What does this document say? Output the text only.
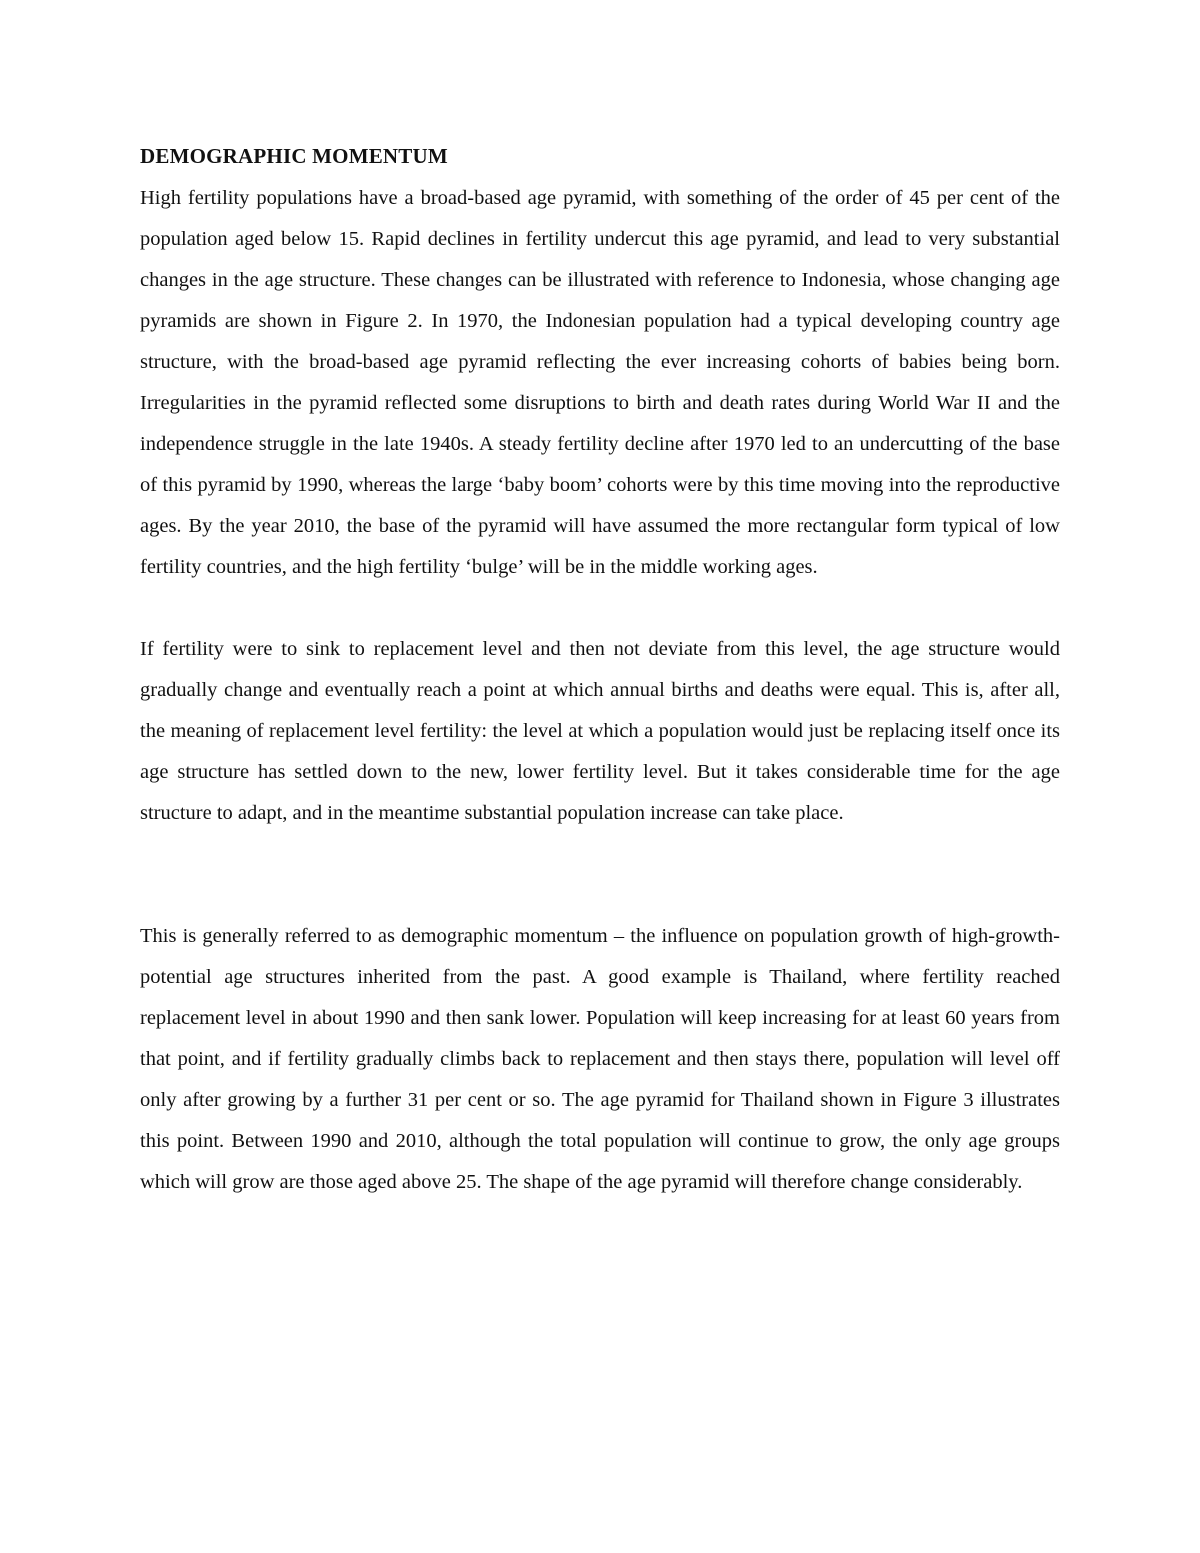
DEMOGRAPHIC MOMENTUM

High fertility populations have a broad-based age pyramid, with something of the order of 45 per cent of the population aged below 15. Rapid declines in fertility undercut this age pyramid, and lead to very substantial changes in the age structure. These changes can be illustrated with reference to Indonesia, whose changing age pyramids are shown in Figure 2. In 1970, the Indonesian population had a typical developing country age structure, with the broad-based age pyramid reflecting the ever increasing cohorts of babies being born. Irregularities in the pyramid reflected some disruptions to birth and death rates during World War II and the independence struggle in the late 1940s. A steady fertility decline after 1970 led to an undercutting of the base of this pyramid by 1990, whereas the large ‘baby boom’ cohorts were by this time moving into the reproductive ages. By the year 2010, the base of the pyramid will have assumed the more rectangular form typical of low fertility countries, and the high fertility ‘bulge’ will be in the middle working ages.

If fertility were to sink to replacement level and then not deviate from this level, the age structure would gradually change and eventually reach a point at which annual births and deaths were equal. This is, after all, the meaning of replacement level fertility: the level at which a population would just be replacing itself once its age structure has settled down to the new, lower fertility level. But it takes considerable time for the age structure to adapt, and in the meantime substantial population increase can take place.

This is generally referred to as demographic momentum – the influence on population growth of high-growth-potential age structures inherited from the past. A good example is Thailand, where fertility reached replacement level in about 1990 and then sank lower. Population will keep increasing for at least 60 years from that point, and if fertility gradually climbs back to replacement and then stays there, population will level off only after growing by a further 31 per cent or so. The age pyramid for Thailand shown in Figure 3 illustrates this point. Between 1990 and 2010, although the total population will continue to grow, the only age groups which will grow are those aged above 25. The shape of the age pyramid will therefore change considerably.
